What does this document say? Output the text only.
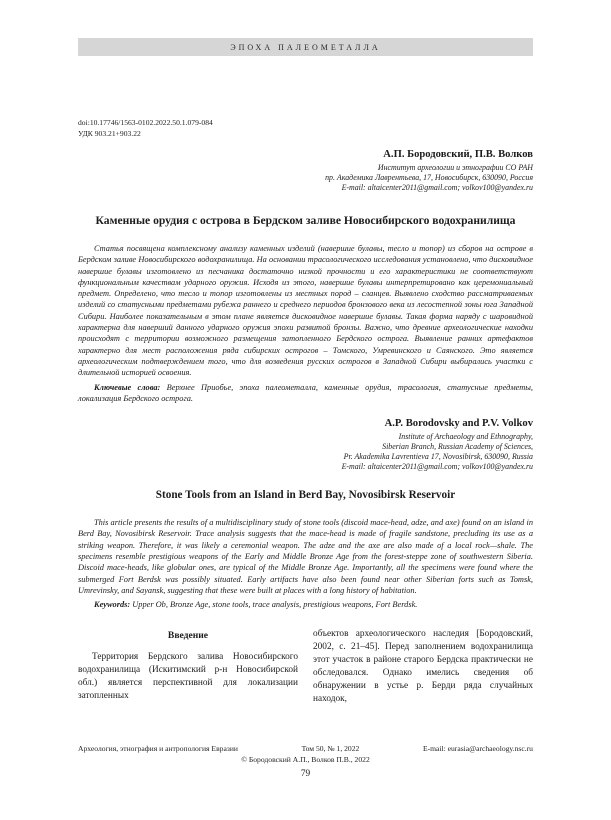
ЭПОХА ПАЛЕОМЕТАЛЛА
doi:10.17746/1563-0102.2022.50.1.079-084
УДК 903.21+903.22
А.П. Бородовский, П.В. Волков
Институт археологии и этнографии СО РАН
пр. Академика Лаврентьева, 17, Новосибирск, 630090, Россия
E-mail: altaicenter2011@gmail.com; volkov100@yandex.ru
Каменные орудия с острова в Бердском заливе Новосибирского водохранилища
Статья посвящена комплексному анализу каменных изделий (навершие булавы, тесло и топор) из сборов на острове в Бердском заливе Новосибирского водохранилища. На основании трасологического исследования установлено, что дисковидное навершие булавы изготовлено из песчаника достаточно низкой прочности и его характеристики не соответствуют функциональным качествам ударного оружия. Исходя из этого, навершие булавы интерпретировано как церемониальный предмет. Определено, что тесло и топор изготовлены из местных пород – сланцев. Выявлено сходство рассматриваемых изделий со статусными предметами рубежа раннего и среднего периодов бронзового века из лесостепной зоны юга Западной Сибири. Наиболее показательным в этом плане является дисковидное навершие булавы. Такая форма наряду с шаровидной характерна для наверший данного ударного оружия эпохи развитой бронзы. Важно, что древние археологические находки происходят с территории возможного размещения затопленного Бердского острога. Выявление ранних артефактов характерно для мест расположения ряда сибирских острогов – Томского, Умревинского и Саянского. Это является археологическим подтверждением того, что для возведения русских острогов в Западной Сибири выбирались участки с длительной историей освоения.
Ключевые слова: Верхнее Приобье, эпоха палеометалла, каменные орудия, трасология, статусные предметы, локализация Бердского острога.
A.P. Borodovsky and P.V. Volkov
Institute of Archaeology and Ethnography,
Siberian Branch, Russian Academy of Sciences,
Pr. Akademika Lavrentieva 17, Novosibirsk, 630090, Russia
E-mail: altaicenter2011@gmail.com; volkov100@yandex.ru
Stone Tools from an Island in Berd Bay, Novosibirsk Reservoir
This article presents the results of a multidisciplinary study of stone tools (discoid mace-head, adze, and axe) found on an island in Berd Bay, Novosibirsk Reservoir. Trace analysis suggests that the mace-head is made of fragile sandstone, precluding its use as a striking weapon. Therefore, it was likely a ceremonial weapon. The adze and the axe are also made of a local rock—shale. The specimens resemble prestigious weapons of the Early and Middle Bronze Age from the forest-steppe zone of southwestern Siberia. Discoid mace-heads, like globular ones, are typical of the Middle Bronze Age. Importantly, all the specimens were found where the submerged Fort Berdsk was possibly situated. Early artifacts have also been found near other Siberian forts such as Tomsk, Umrevinsky, and Sayansk, suggesting that these were built at places with a long history of habitation.
Keywords: Upper Ob, Bronze Age, stone tools, trace analysis, prestigious weapons, Fort Berdsk.
Введение

Территория Бердского залива Новосибирского водохранилища (Искитимский р-н Новосибирской обл.) является перспективной для локализации затопленных

объектов археологического наследия [Бородовский, 2002, с. 21–45]. Перед заполнением водохранилища этот участок в районе старого Бердска практически не обследовался. Однако имелись сведения об обнаружении в устье р. Берди ряда случайных находок,

Археология, этнография и антропология Евразии	Том 50, № 1, 2022	E-mail: eurasia@archaeology.nsc.ru
© Бородовский А.П., Волков П.В., 2022
79
